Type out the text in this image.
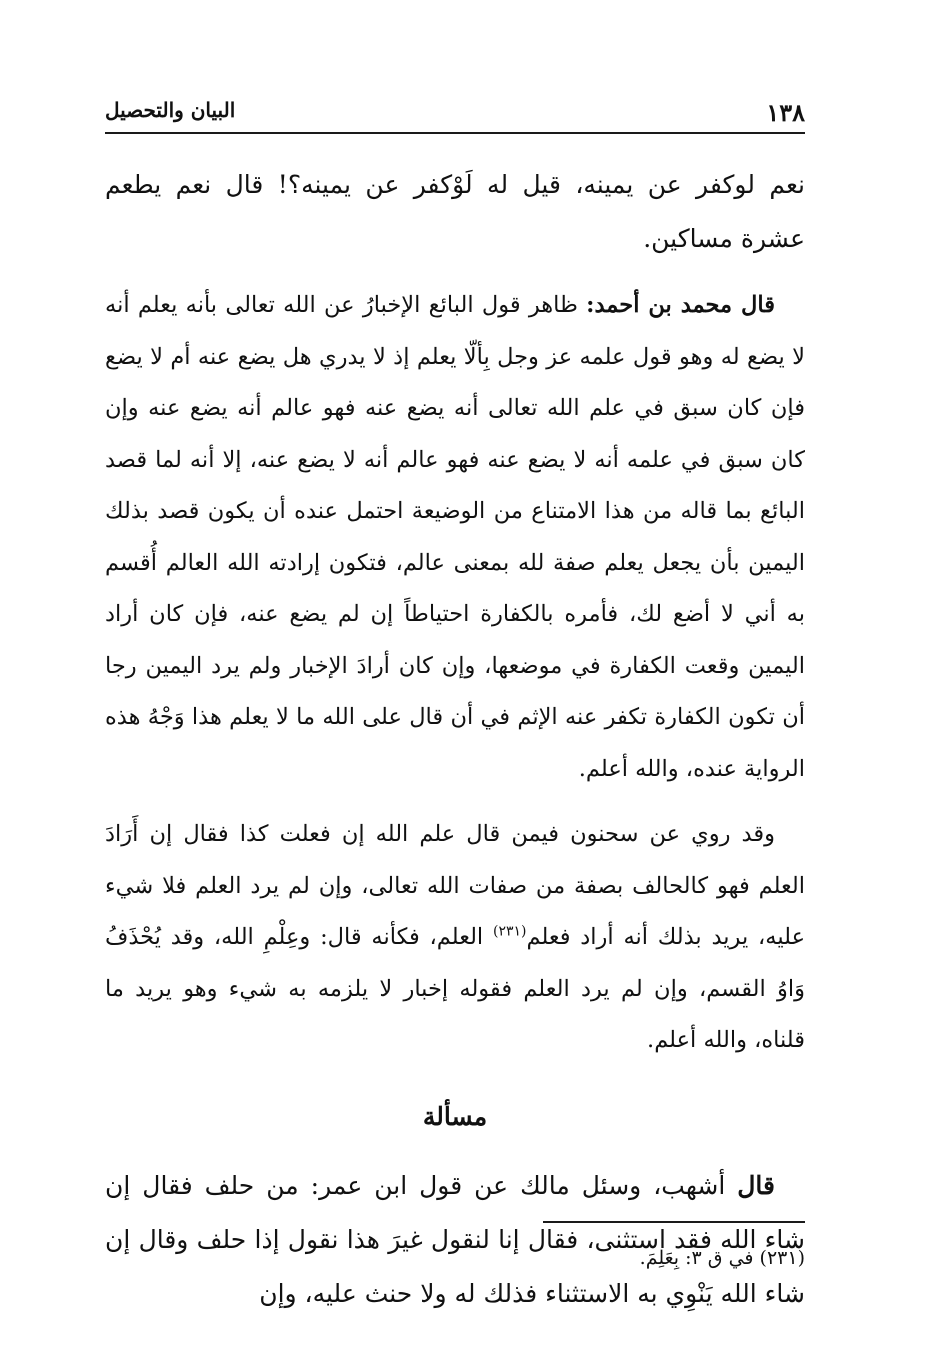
١٣٨
البيان والتحصيل

نعم لوكفر عن يمينه، قيل له لَوْكفر عن يمينه؟! قال نعم يطعم عشرة مساكين.

قال محمد بن أحمد: ظاهر قول البائع الإخبارُ عن الله تعالى بأنه يعلم أنه لا يضع له وهو قول علمه عز وجل بِألّا يعلم إذ لا يدري هل يضع عنه أم لا يضع فإن كان سبق في علم الله تعالى أنه يضع عنه فهو عالم أنه يضع عنه وإن كان سبق في علمه أنه لا يضع عنه فهو عالم أنه لا يضع عنه، إلا أنه لما قصد البائع بما قاله من هذا الامتناع من الوضيعة احتمل عنده أن يكون قصد بذلك اليمين بأن يجعل يعلم صفة لله بمعنى عالم، فتكون إرادته الله العالم أُقسم به أني لا أضع لك، فأمره بالكفارة احتياطاً إن لم يضع عنه، فإن كان أراد اليمين وقعت الكفارة في موضعها، وإن كان أرادَ الإخبار ولم يرد اليمين رجا أن تكون الكفارة تكفر عنه الإثم في أن قال على الله ما لا يعلم هذا وَجْهُ هذه الرواية عنده، والله أعلم.

وقد روي عن سحنون فيمن قال علم الله إن فعلت كذا فقال إن أَرَادَ العلم فهو كالحالف بصفة من صفات الله تعالى، وإن لم يرد العلم فلا شيء عليه، يريد بذلك أنه أراد فعلم$^{(٢٣١)}$ العلم، فكأنه قال: وعِلْمِ الله، وقد يُحْذَفُ وَاوُ القسم، وإن لم يرد العلم فقوله إخبار لا يلزمه به شيء وهو يريد ما قلناه، والله أعلم.

مسألة

قال أشهب، وسئل مالك عن قول ابن عمر: من حلف فقال إن شاء الله فقد استثنى، فقال إنا لنقول غيرَ هذا نقول إذا حلف وقال إن شاء الله يَنْوِي به الاستثناء فذلك له ولا حنث عليه، وإن

(٢٣١) في ق ٣: بِعَلِمَ.
